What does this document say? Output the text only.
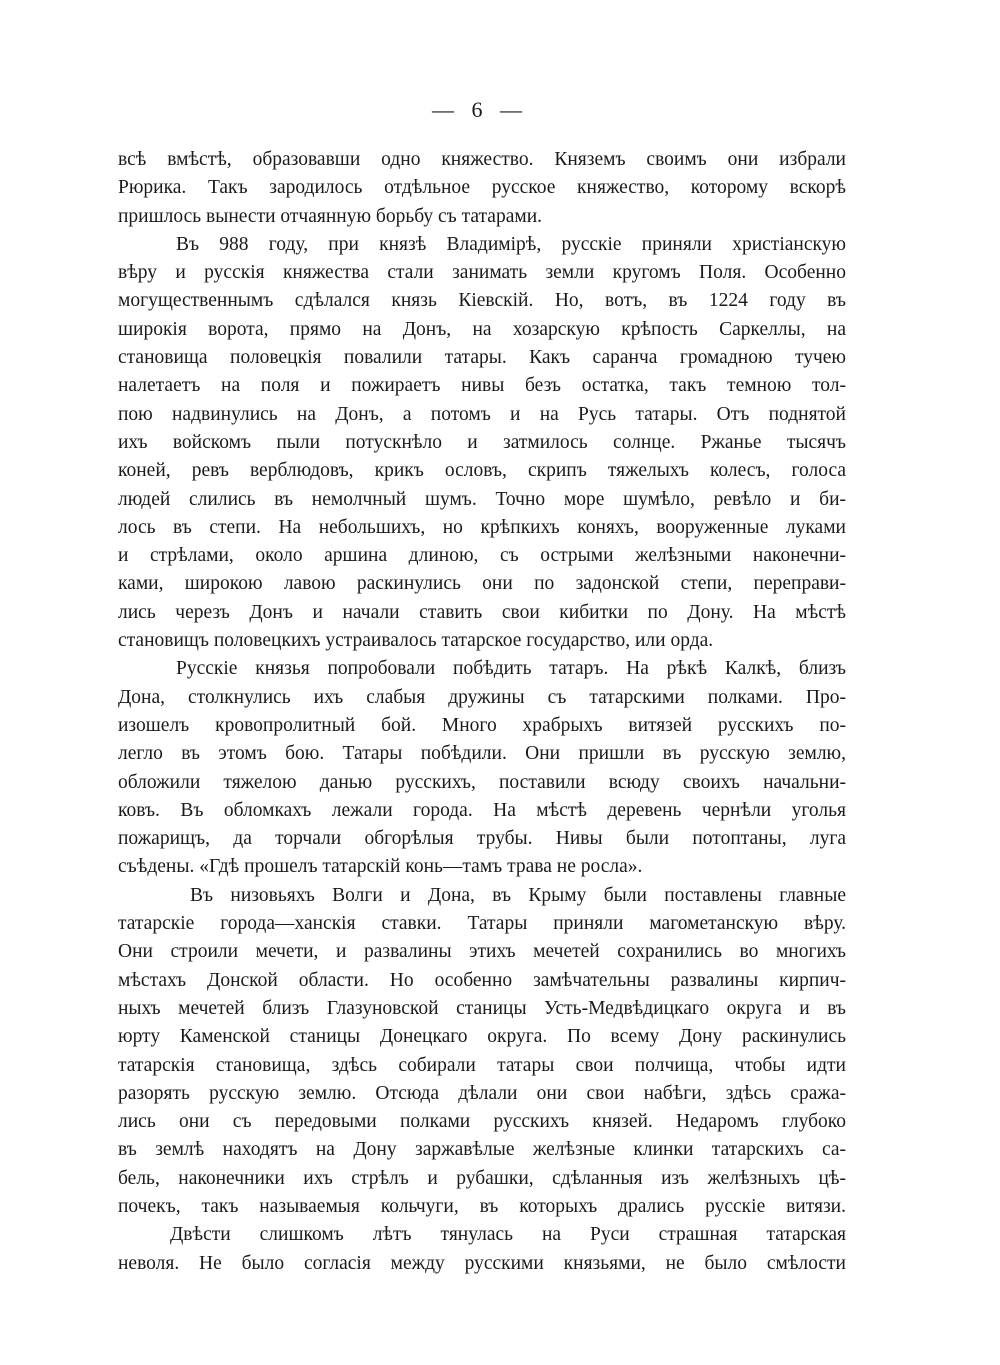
— 6 —
всѣ вмѣстѣ, образовавши одно княжество. Княземъ своимъ они избрали
Рюрика. Такъ зародилось отдѣльное русское княжество, которому вскорѣ
пришлось вынести отчаянную борьбу съ татарами.
Въ 988 году, при князѣ Владимірѣ, русскіе приняли христіанскую
вѣру и русскія княжества стали занимать земли кругомъ Поля. Особенно
могущественнымъ сдѣлался князь Кіевскій. Но, вотъ, въ 1224 году въ
широкія ворота, прямо на Донъ, на хозарскую крѣпость Саркеллы, на
становища половецкія повалили татары. Какъ саранча громадною тучею
налетаетъ на поля и пожираетъ нивы безъ остатка, такъ темною тол-
пою надвинулись на Донъ, а потомъ и на Русь татары. Отъ поднятой
ихъ войскомъ пыли потускнѣло и затмилось солнце. Ржанье тысячъ
коней, ревъ верблюдовъ, крикъ ословъ, скрипъ тяжелыхъ колесъ, голоса
людей слились въ немолчный шумъ. Точно море шумѣло, ревѣло и би-
лось въ степи. На небольшихъ, но крѣпкихъ коняхъ, вооруженные луками
и стрѣлами, около аршина длиною, съ острыми желѣзными наконечни-
ками, широкою лавою раскинулись они по задонской степи, переправи-
лись черезъ Донъ и начали ставить свои кибитки по Дону. На мѣстѣ
становищъ половецкихъ устраивалось татарское государство, или орда.
Русскіе князья попробовали побѣдить татаръ. На рѣкѣ Калкѣ, близъ
Дона, столкнулись ихъ слабыя дружины съ татарскими полками. Про-
изошелъ кровопролитный бой. Много храбрыхъ витязей русскихъ по-
легло въ этомъ бою. Татары побѣдили. Они пришли въ русскую землю,
обложили тяжелою данью русскихъ, поставили всюду своихъ начальни-
ковъ. Въ обломкахъ лежали города. На мѣстѣ деревень чернѣли уголья
пожарищъ, да торчали обгорѣлыя трубы. Нивы были потоптаны, луга
съѣдены. «Гдѣ прошелъ татарскій конь—тамъ трава не росла».
Въ низовьяхъ Волги и Дона, въ Крыму были поставлены главные
татарскіе города—ханскія ставки. Татары приняли магометанскую вѣру.
Они строили мечети, и развалины этихъ мечетей сохранились во многихъ
мѣстахъ Донской области. Но особенно замѣчательны развалины кирпич-
ныхъ мечетей близъ Глазуновской станицы Усть-Медвѣдицкаго округа и въ
юрту Каменской станицы Донецкаго округа. По всему Дону раскинулись
татарскія становища, здѣсь собирали татары свои полчища, чтобы идти
разорять русскую землю. Отсюда дѣлали они свои набѣги, здѣсь сража-
лись они съ передовыми полками русскихъ князей. Недаромъ глубоко
въ землѣ находятъ на Дону заржавѣлые желѣзные клинки татарскихъ са-
бель, наконечники ихъ стрѣлъ и рубашки, сдѣланныя изъ желѣзныхъ цѣ-
почекъ, такъ называемыя кольчуги, въ которыхъ дрались русскіе витязи.
Двѣсти слишкомъ лѣтъ тянулась на Руси страшная татарская
неволя. Не было согласія между русскими князьями, не было смѣлости
